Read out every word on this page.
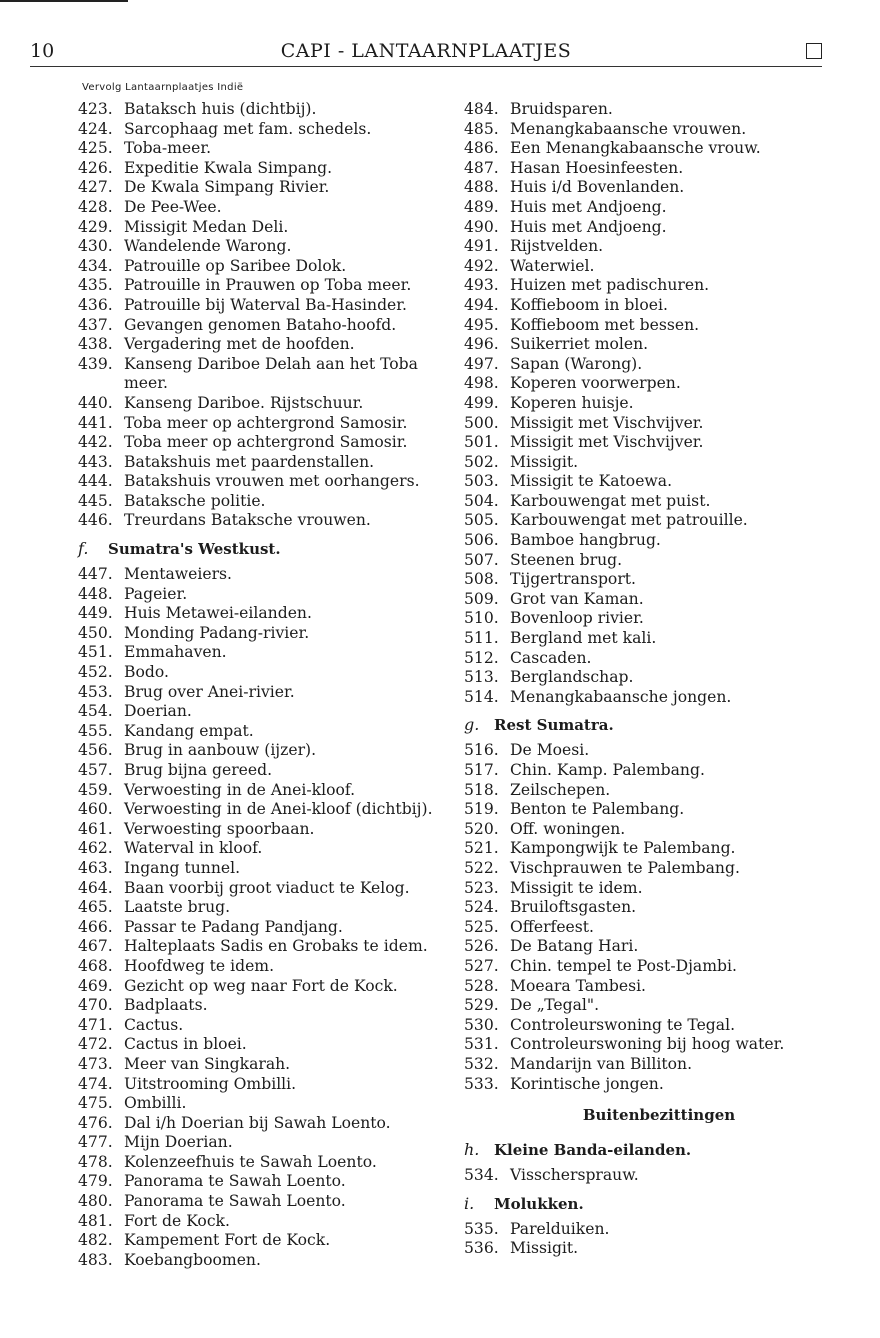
10	CAPI - LANTAARNPLAATJES
Vervolg Lantaarnplaatjes Indië
423. Bataksch huis (dichtbij).
424. Sarcophaag met fam. schedels.
425. Toba-meer.
426. Expeditie Kwala Simpang.
427. De Kwala Simpang Rivier.
428. De Pee-Wee.
429. Missigit Medan Deli.
430. Wandelende Warong.
434. Patrouille op Saribee Dolok.
435. Patrouille in Prauwen op Toba meer.
436. Patrouille bij Waterval Ba-Hasinder.
437. Gevangen genomen Bataho-hoofd.
438. Vergadering met de hoofden.
439. Kanseng Dariboe Delah aan het Toba meer.
440. Kanseng Dariboe. Rijstschuur.
441. Toba meer op achtergrond Samosir.
442. Toba meer op achtergrond Samosir.
443. Batakshuis met paardenstallen.
444. Batakshuis vrouwen met oorhangers.
445. Bataksche politie.
446. Treurdans Bataksche vrouwen.
f.	Sumatra's Westkust.
447. Mentaweiers.
448. Pageier.
449. Huis Metawei-eilanden.
450. Monding Padang-rivier.
451. Emmahaven.
452. Bodo.
453. Brug over Anei-rivier.
454. Doerian.
455. Kandang empat.
456. Brug in aanbouw (ijzer).
457. Brug bijna gereed.
459. Verwoesting in de Anei-kloof.
460. Verwoesting in de Anei-kloof (dichtbij).
461. Verwoesting spoorbaan.
462. Waterval in kloof.
463. Ingang tunnel.
464. Baan voorbij groot viaduct te Kelog.
465. Laatste brug.
466. Passar te Padang Pandjang.
467. Halteplaats Sadis en Grobaks te idem.
468. Hoofdweg te idem.
469. Gezicht op weg naar Fort de Kock.
470. Badplaats.
471. Cactus.
472. Cactus in bloei.
473. Meer van Singkarah.
474. Uitstrooming Ombilli.
475. Ombilli.
476. Dal i/h Doerian bij Sawah Loento.
477. Mijn Doerian.
478. Kolenzeefhuis te Sawah Loento.
479. Panorama te Sawah Loento.
480. Panorama te Sawah Loento.
481. Fort de Kock.
482. Kampement Fort de Kock.
483. Koebangboomen.
484. Bruidsparen.
485. Menangkabaansche vrouwen.
486. Een Menangkabaansche vrouw.
487. Hasan Hoesinfeesten.
488. Huis i/d Bovenlanden.
489. Huis met Andjoeng.
490. Huis met Andjoeng.
491. Rijstvelden.
492. Waterwiel.
493. Huizen met padischuren.
494. Koffieboom in bloei.
495. Koffieboom met bessen.
496. Suikerriet molen.
497. Sapan (Warong).
498. Koperen voorwerpen.
499. Koperen huisje.
500. Missigit met Vischvijver.
501. Missigit met Vischvijver.
502. Missigit.
503. Missigit te Katoewa.
504. Karbouwengat met puist.
505. Karbouwengat met patrouille.
506. Bamboe hangbrug.
507. Steenen brug.
508. Tijgertransport.
509. Grot van Kaman.
510. Bovenloop rivier.
511. Bergland met kali.
512. Cascaden.
513. Berglandschap.
514. Menangkabaansche jongen.
g. Rest Sumatra.
516. De Moesi.
517. Chin. Kamp. Palembang.
518. Zeilschepen.
519. Benton te Palembang.
520. Off. woningen.
521. Kampongwijk te Palembang.
522. Vischprauwen te Palembang.
523. Missigit te idem.
524. Bruiloftsgasten.
525. Offerfeest.
526. De Batang Hari.
527. Chin. tempel te Post-Djambi.
528. Moeara Tambesi.
529. De „Tegal".
530. Controleurswoning te Tegal.
531. Controleurswoning bij hoog water.
532. Mandarijn van Billiton.
533. Korintische jongen.
Buitenbezittingen
h. Kleine Banda-eilanden.
534. Visschersprauw.
i.	Molukken.
535. Parelduiken.
536. Missigit.
